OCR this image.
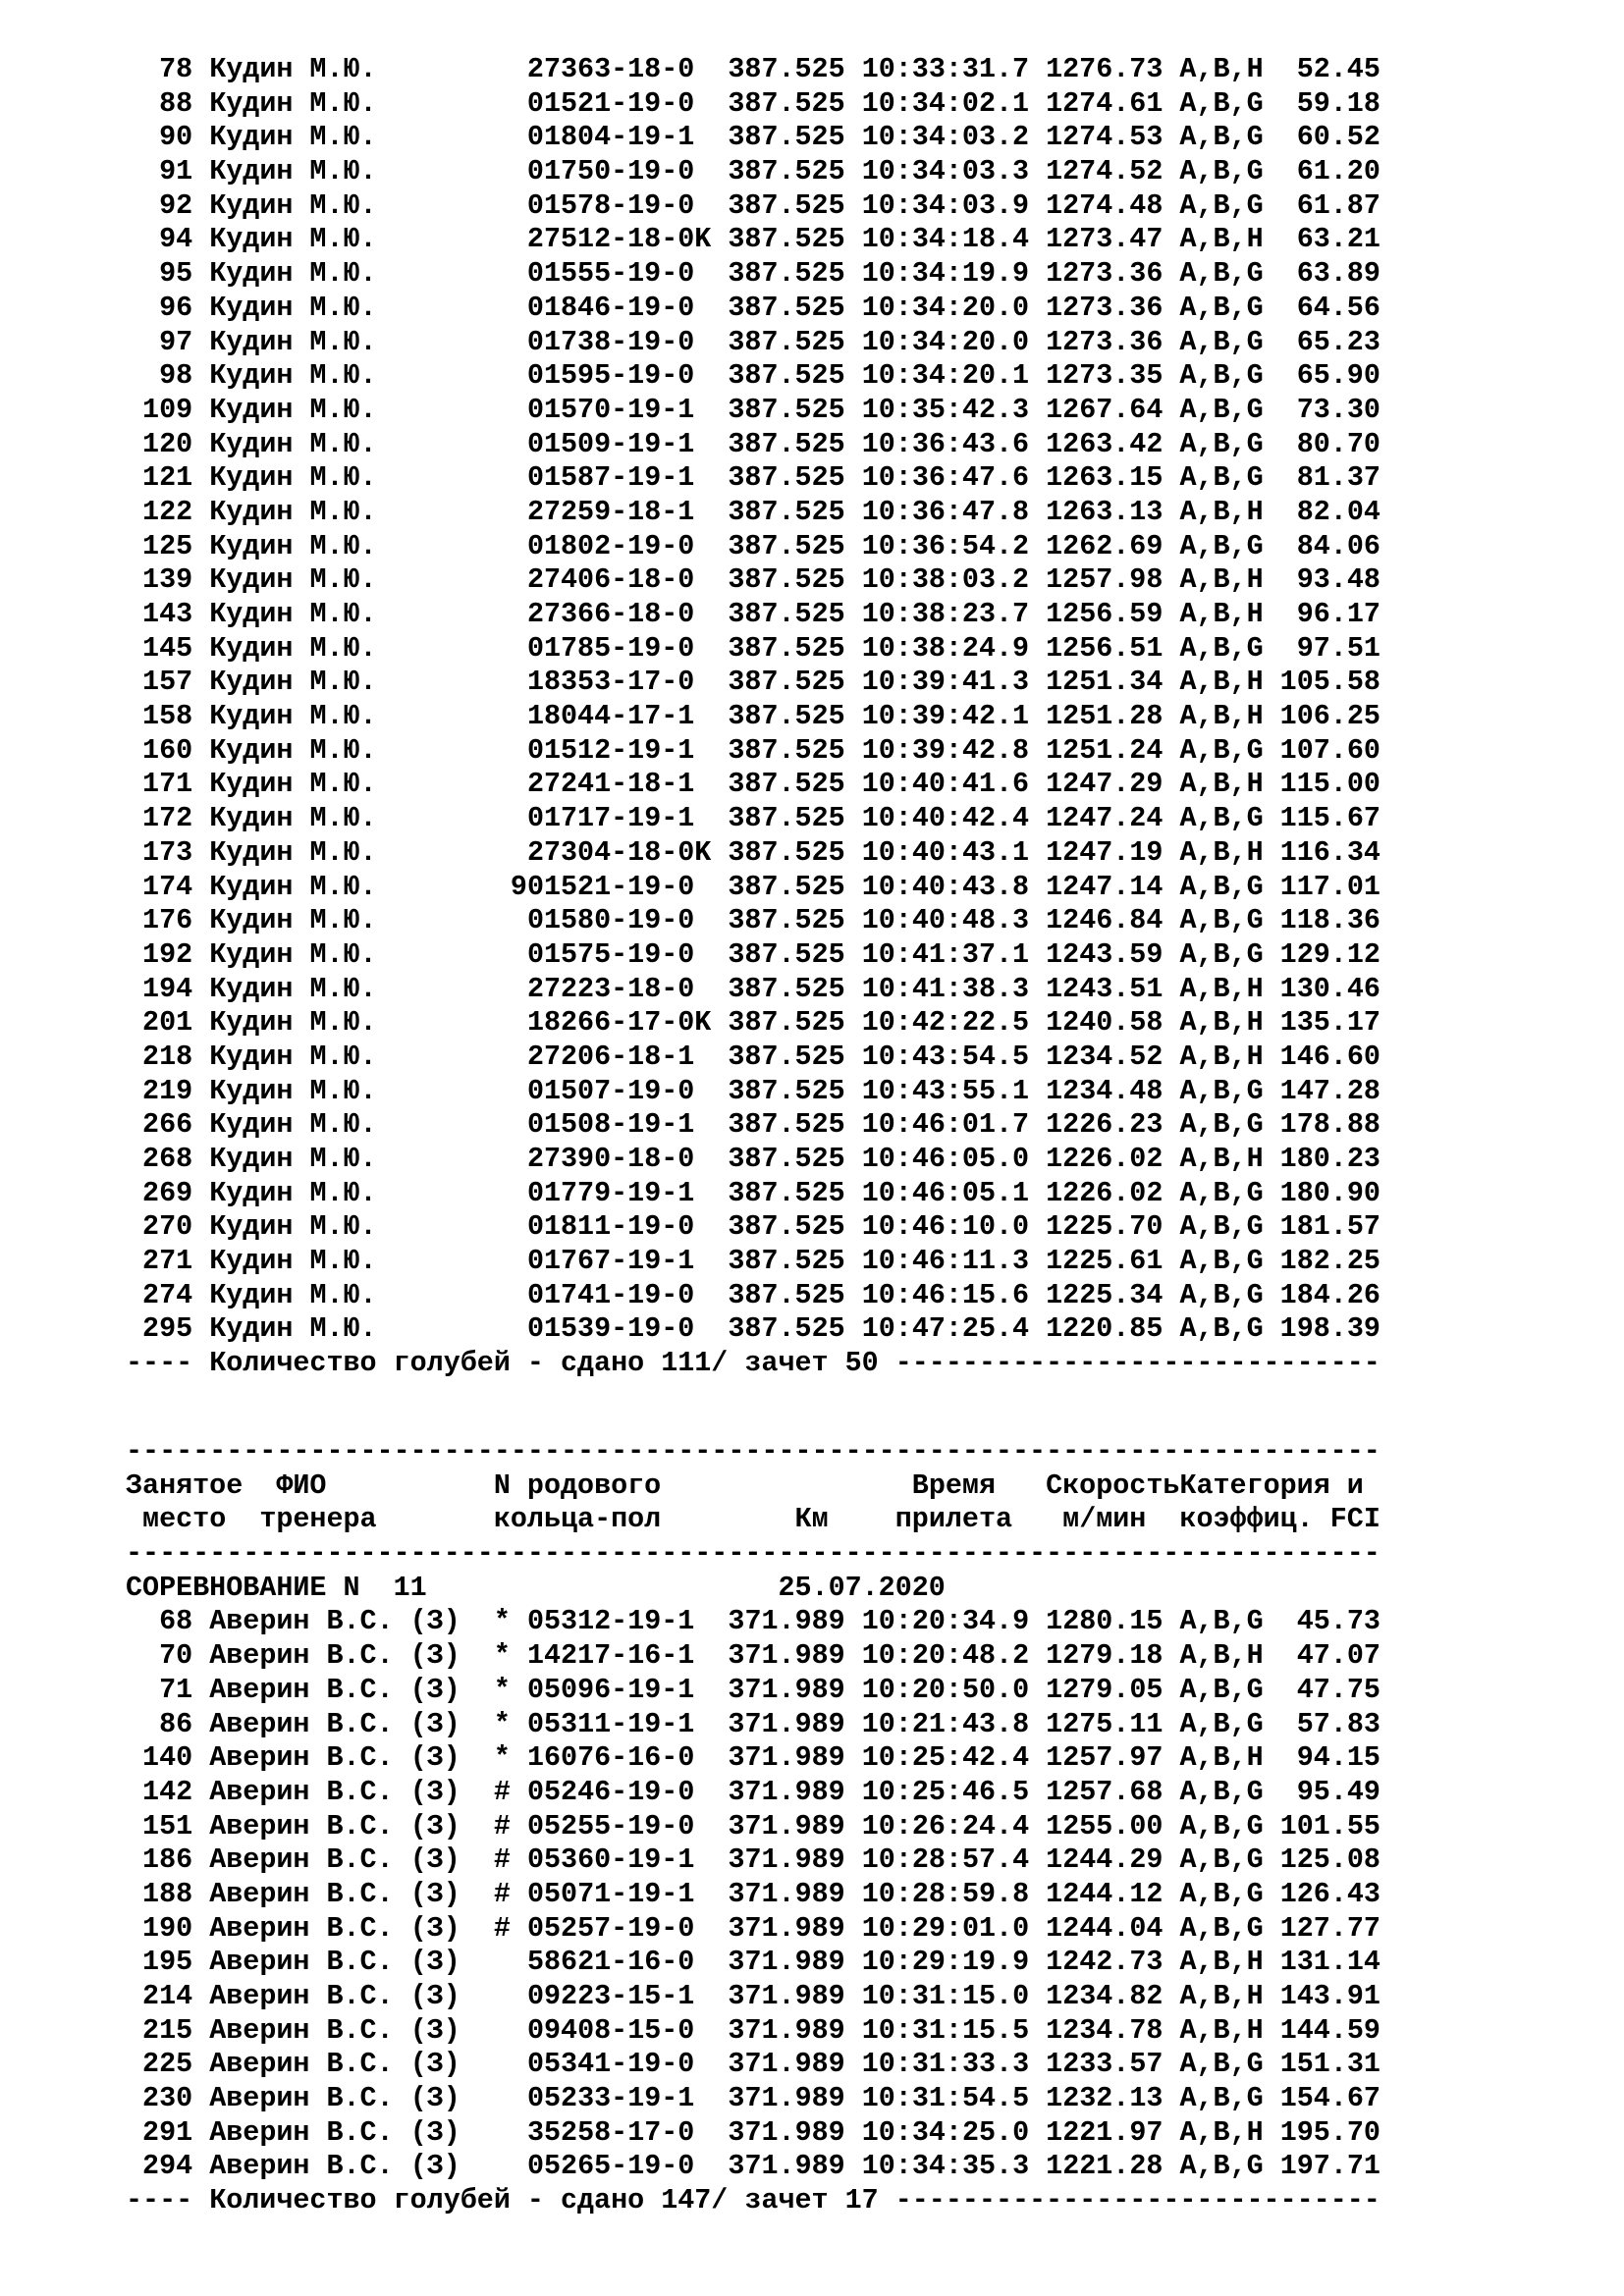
78 Кудин М.Ю.	27363-18-0 387.525 10:33:31.7 1276.73 A,B,H 52.45
88 Кудин М.Ю.	01521-19-0 387.525 10:34:02.1 1274.61 A,B,G 59.18
90 Кудин М.Ю.	01804-19-1 387.525 10:34:03.2 1274.53 A,B,G 60.52
91 Кудин М.Ю.	01750-19-0 387.525 10:34:03.3 1274.52 A,B,G 61.20
92 Кудин М.Ю.	01578-19-0 387.525 10:34:03.9 1274.48 A,B,G 61.87
94 Кудин М.Ю.	27512-18-0K 387.525 10:34:18.4 1273.47 A,B,H 63.21
95 Кудин М.Ю.	01555-19-0 387.525 10:34:19.9 1273.36 A,B,G 63.89
96 Кудин М.Ю.	01846-19-0 387.525 10:34:20.0 1273.36 A,B,G 64.56
97 Кудин М.Ю.	01738-19-0 387.525 10:34:20.0 1273.36 A,B,G 65.23
98 Кудин М.Ю.	01595-19-0 387.525 10:34:20.1 1273.35 A,B,G 65.90
109 Кудин М.Ю.	01570-19-1 387.525 10:35:42.3 1267.64 A,B,G 73.30
120 Кудин М.Ю.	01509-19-1 387.525 10:36:43.6 1263.42 A,B,G 80.70
121 Кудин М.Ю.	01587-19-1 387.525 10:36:47.6 1263.15 A,B,G 81.37
122 Кудин М.Ю.	27259-18-1 387.525 10:36:47.8 1263.13 A,B,H 82.04
125 Кудин М.Ю.	01802-19-0 387.525 10:36:54.2 1262.69 A,B,G 84.06
139 Кудин М.Ю.	27406-18-0 387.525 10:38:03.2 1257.98 A,B,H 93.48
143 Кудин М.Ю.	27366-18-0 387.525 10:38:23.7 1256.59 A,B,H 96.17
145 Кудин М.Ю.	01785-19-0 387.525 10:38:24.9 1256.51 A,B,G 97.51
157 Кудин М.Ю.	18353-17-0 387.525 10:39:41.3 1251.34 A,B,H 105.58
158 Кудин М.Ю.	18044-17-1 387.525 10:39:42.1 1251.28 A,B,H 106.25
160 Кудин М.Ю.	01512-19-1 387.525 10:39:42.8 1251.24 A,B,G 107.60
171 Кудин М.Ю.	27241-18-1 387.525 10:40:41.6 1247.29 A,B,H 115.00
172 Кудин М.Ю.	01717-19-1 387.525 10:40:42.4 1247.24 A,B,G 115.67
173 Кудин М.Ю.	27304-18-0K 387.525 10:40:43.1 1247.19 A,B,H 116.34
174 Кудин М.Ю.	901521-19-0 387.525 10:40:43.8 1247.14 A,B,G 117.01
176 Кудин М.Ю.	01580-19-0 387.525 10:40:48.3 1246.84 A,B,G 118.36
192 Кудин М.Ю.	01575-19-0 387.525 10:41:37.1 1243.59 A,B,G 129.12
194 Кудин М.Ю.	27223-18-0 387.525 10:41:38.3 1243.51 A,B,H 130.46
201 Кудин М.Ю.	18266-17-0K 387.525 10:42:22.5 1240.58 A,B,H 135.17
218 Кудин М.Ю.	27206-18-1 387.525 10:43:54.5 1234.52 A,B,H 146.60
219 Кудин М.Ю.	01507-19-0 387.525 10:43:55.1 1234.48 A,B,G 147.28
266 Кудин М.Ю.	01508-19-1 387.525 10:46:01.7 1226.23 A,B,G 178.88
268 Кудин М.Ю.	27390-18-0 387.525 10:46:05.0 1226.02 A,B,H 180.23
269 Кудин М.Ю.	01779-19-1 387.525 10:46:05.1 1226.02 A,B,G 180.90
270 Кудин М.Ю.	01811-19-0 387.525 10:46:10.0 1225.70 A,B,G 181.57
271 Кудин М.Ю.	01767-19-1 387.525 10:46:11.3 1225.61 A,B,G 182.25
274 Кудин М.Ю.	01741-19-0 387.525 10:46:15.6 1225.34 A,B,G 184.26
295 Кудин М.Ю.	01539-19-0 387.525 10:47:25.4 1220.85 A,B,G 198.39
---- Количество голубей - сдано 111/ зачет 50 -----------------------------
---------------------------------------------------------------------------
Занятое ФИО	N родового	Время СкоростьКатегория и
место тренера	кольца-пол	Км прилета м/мин коэффиц. FCI
---------------------------------------------------------------------------
СОРЕВНОВАНИЕ N  11	25.07.2020
68 Аверин В.С. (З) * 05312-19-1 371.989 10:20:34.9 1280.15 A,B,G 45.73
70 Аверин В.С. (З) * 14217-16-1 371.989 10:20:48.2 1279.18 A,B,H 47.07
71 Аверин В.С. (З) * 05096-19-1 371.989 10:20:50.0 1279.05 A,B,G 47.75
86 Аверин В.С. (З) * 05311-19-1 371.989 10:21:43.8 1275.11 A,B,G 57.83
140 Аверин В.С. (З) * 16076-16-0 371.989 10:25:42.4 1257.97 A,B,H 94.15
142 Аверин В.С. (З) # 05246-19-0 371.989 10:25:46.5 1257.68 A,B,G 95.49
151 Аверин В.С. (З) # 05255-19-0 371.989 10:26:24.4 1255.00 A,B,G 101.55
186 Аверин В.С. (З) # 05360-19-1 371.989 10:28:57.4 1244.29 A,B,G 125.08
188 Аверин В.С. (З) # 05071-19-1 371.989 10:28:59.8 1244.12 A,B,G 126.43
190 Аверин В.С. (З) # 05257-19-0 371.989 10:29:01.0 1244.04 A,B,G 127.77
195 Аверин В.С. (З) 58621-16-0 371.989 10:29:19.9 1242.73 A,B,H 131.14
214 Аверин В.С. (З) 09223-15-1 371.989 10:31:15.0 1234.82 A,B,H 143.91
215 Аверин В.С. (З) 09408-15-0 371.989 10:31:15.5 1234.78 A,B,H 144.59
225 Аверин В.С. (З) 05341-19-0 371.989 10:31:33.3 1233.57 A,B,G 151.31
230 Аверин В.С. (З) 05233-19-1 371.989 10:31:54.5 1232.13 A,B,G 154.67
291 Аверин В.С. (З) 35258-17-0 371.989 10:34:25.0 1221.97 A,B,H 195.70
294 Аверин В.С. (З) 05265-19-0 371.989 10:34:35.3 1221.28 A,B,G 197.71
---- Количество голубей - сдано 147/ зачет 17 -----------------------------
